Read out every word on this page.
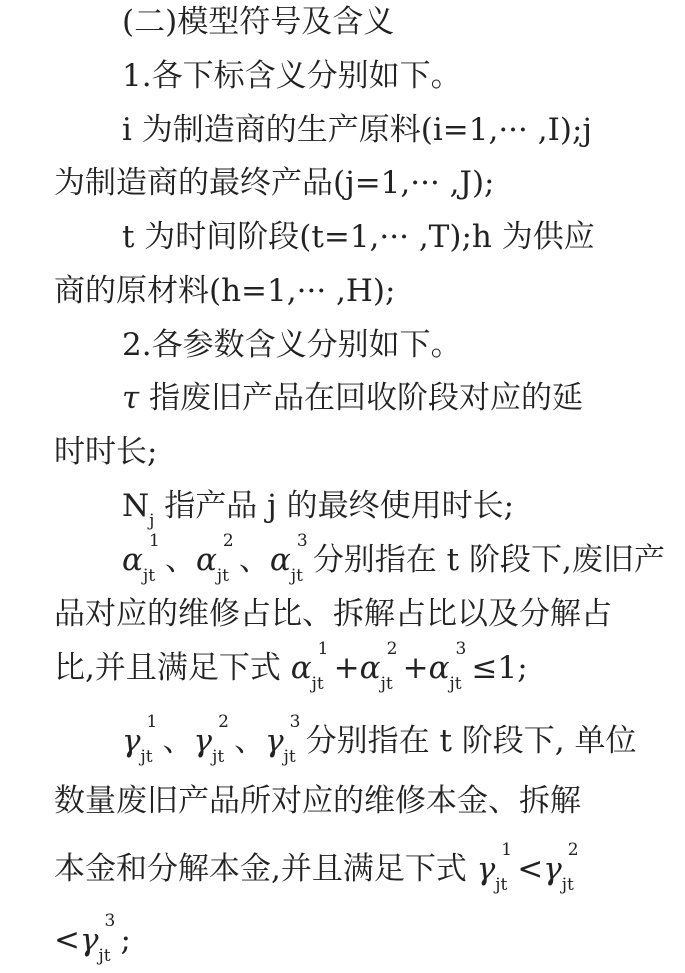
(二)模型符号及含义
1.各下标含义分别如下。
i 为制造商的生产原料(i=1,··· ,I);j
为制造商的最终产品(j=1,··· ,J);
t 为时间阶段(t=1,··· ,T);h 为供应
商的原材料(h=1,··· ,H);
2.各参数含义分别如下。
τ 指废旧产品在回收阶段对应的延
时时长;
$N_j$ 指产品 j 的最终使用时长;
α
1
jt 、α
2
jt 、α
3
jt 分别指在 t 阶段下,废旧产
品对应的维修占比、拆解占比以及分解占
比,并且满足下式 α
1
jt +α
2
jt +α
3
jt ≤1;
γ
1
jt 、γ
2
jt 、γ
3
jt 分别指在 t 阶段下, 单位
数量废旧产品所对应的维修本金、拆解
本金和分解本金,并且满足下式 γ
1
jt <γ
2
jt
<γ
3
jt ;
